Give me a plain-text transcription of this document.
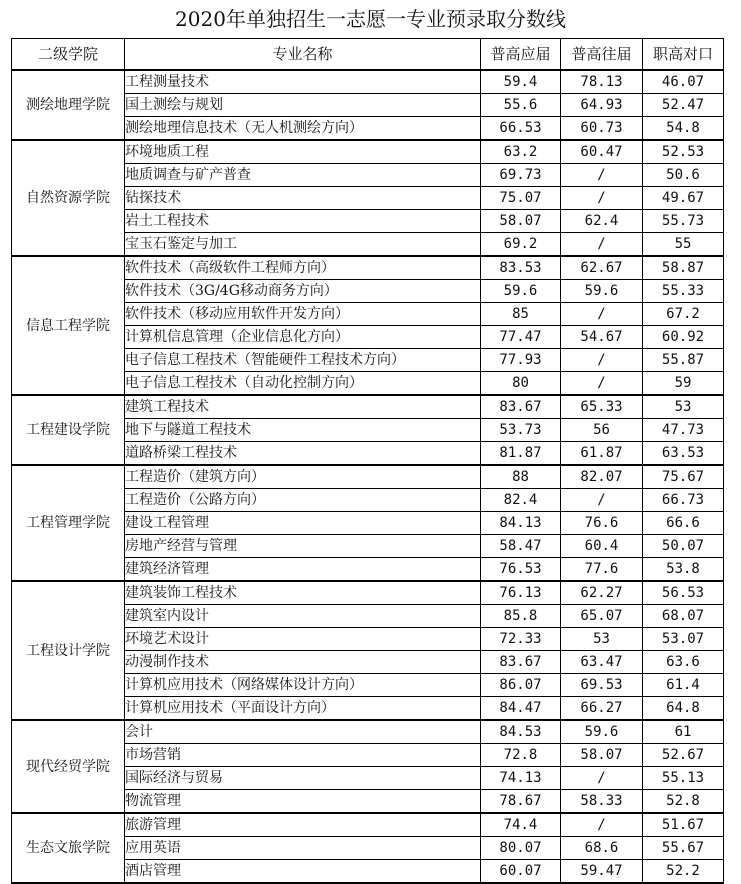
2020年单独招生一志愿一专业预录取分数线
二级学院	专业名称	普高应届	普高往届	职高对口
测绘地理学院	工程测量技术	59.4	78.13	46.07
	国土测绘与规划	55.6	64.93	52.47
	测绘地理信息技术（无人机测绘方向）	66.53	60.73	54.8
自然资源学院	环境地质工程	63.2	60.47	52.53
	地质调查与矿产普查	69.73	/	50.6
	钻探技术	75.07	/	49.67
	岩土工程技术	58.07	62.4	55.73
	宝玉石鉴定与加工	69.2	/	55
信息工程学院	软件技术（高级软件工程师方向）	83.53	62.67	58.87
	软件技术（3G/4G移动商务方向）	59.6	59.6	55.33
	软件技术（移动应用软件开发方向）	85	/	67.2
	计算机信息管理（企业信息化方向）	77.47	54.67	60.92
	电子信息工程技术（智能硬件工程技术方向）	77.93	/	55.87
	电子信息工程技术（自动化控制方向）	80	/	59
工程建设学院	建筑工程技术	83.67	65.33	53
	地下与隧道工程技术	53.73	56	47.73
	道路桥梁工程技术	81.87	61.87	63.53
工程管理学院	工程造价（建筑方向）	88	82.07	75.67
	工程造价（公路方向）	82.4	/	66.73
	建设工程管理	84.13	76.6	66.6
	房地产经营与管理	58.47	60.4	50.07
	建筑经济管理	76.53	77.6	53.8
工程设计学院	建筑装饰工程技术	76.13	62.27	56.53
	建筑室内设计	85.8	65.07	68.07
	环境艺术设计	72.33	53	53.07
	动漫制作技术	83.67	63.47	63.6
	计算机应用技术（网络媒体设计方向）	86.07	69.53	61.4
	计算机应用技术（平面设计方向）	84.47	66.27	64.8
现代经贸学院	会计	84.53	59.6	61
	市场营销	72.8	58.07	52.67
	国际经济与贸易	74.13	/	55.13
	物流管理	78.67	58.33	52.8
生态文旅学院	旅游管理	74.4	/	51.67
	应用英语	80.07	68.6	55.67
	酒店管理	60.07	59.47	52.2
